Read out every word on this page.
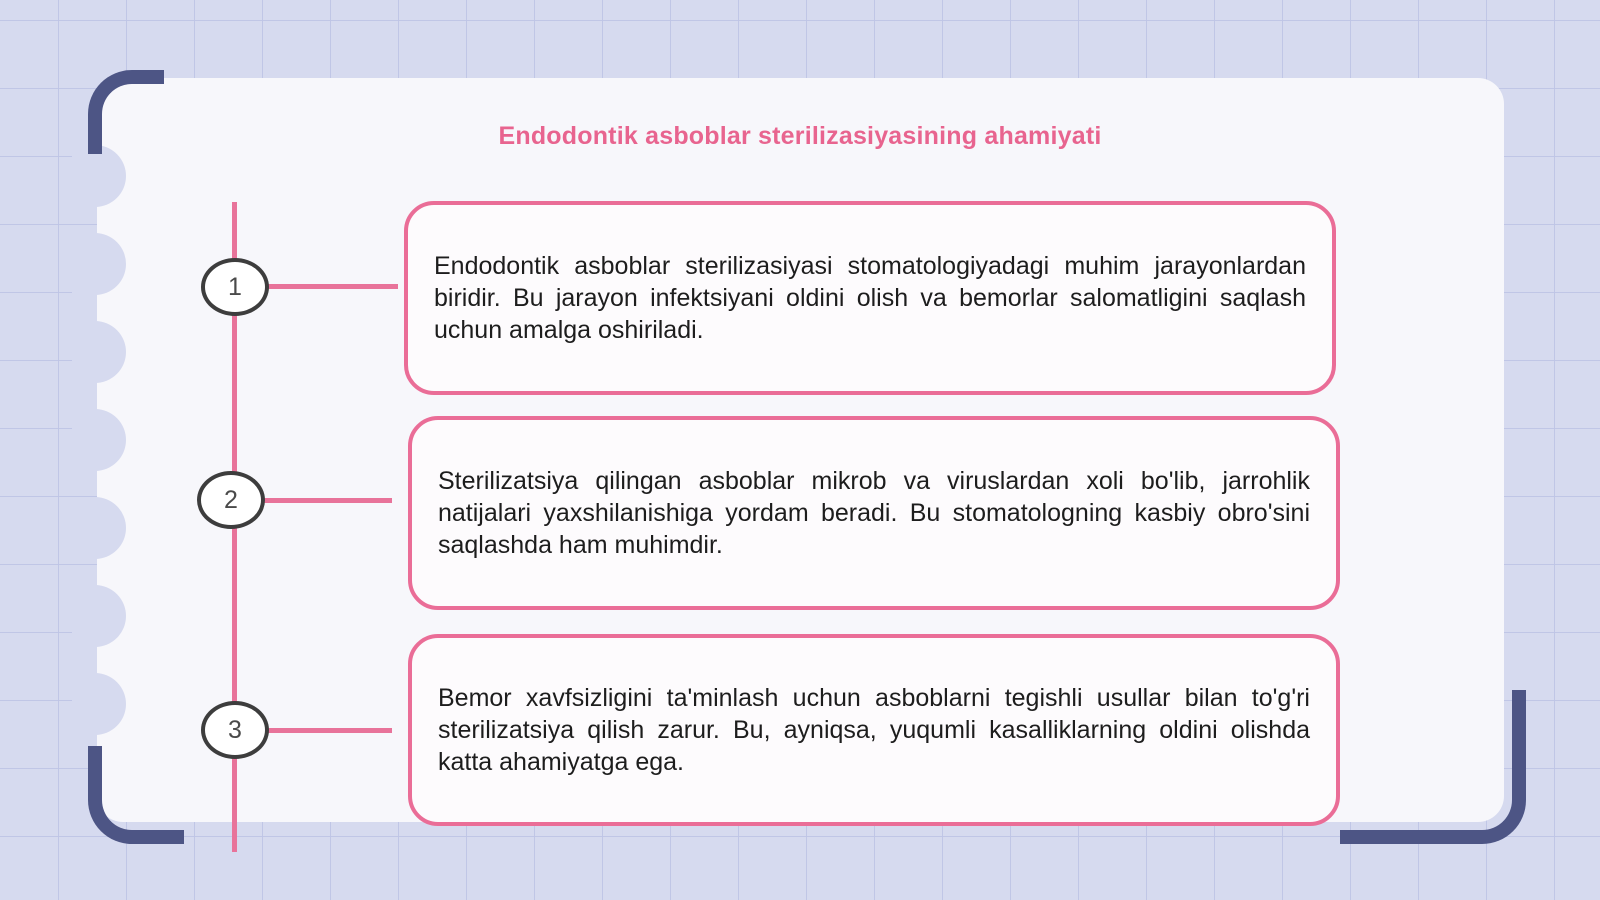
Endodontik asboblar sterilizasiyasining ahamiyati
1

Endodontik asboblar sterilizasiyasi stomatologiyadagi muhim jarayonlardan biridir. Bu jarayon infektsiyani oldini olish va bemorlar salomatligini saqlash uchun amalga oshiriladi.

2

Sterilizatsiya qilingan asboblar mikrob va viruslardan xoli bo'lib, jarrohlik natijalari yaxshilanishiga yordam beradi. Bu stomatologning kasbiy obro'sini saqlashda ham muhimdir.

3

Bemor xavfsizligini ta'minlash uchun asboblarni tegishli usullar bilan to'g'ri sterilizatsiya qilish zarur. Bu, ayniqsa, yuqumli kasalliklarning oldini olishda katta ahamiyatga ega.
